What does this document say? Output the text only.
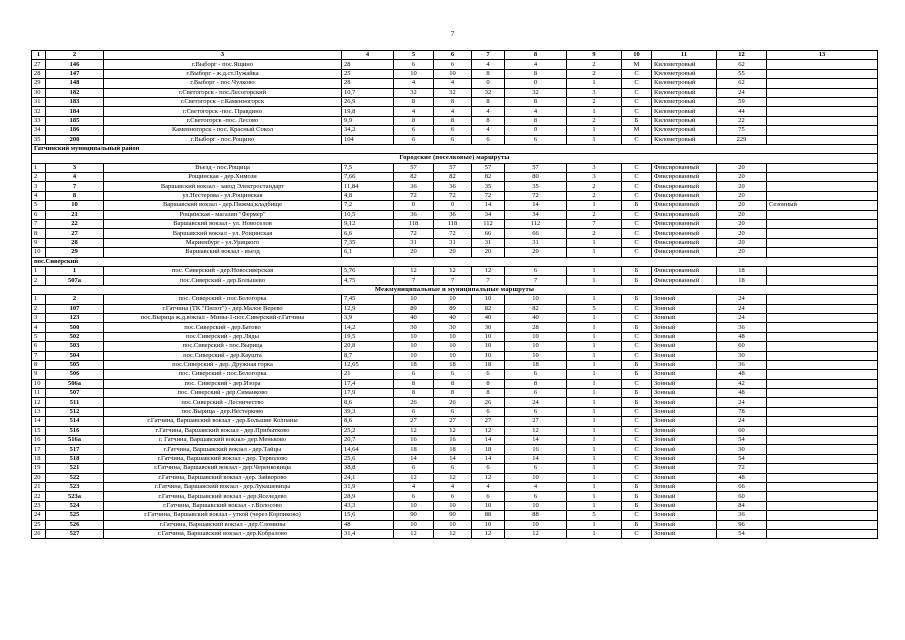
7
1	2	3	4	5	6	7	8	9	10	11	12	13
27	146	г.Выборг - пос.Ящино	28	6	6	4	4	2	М	Километровый	62	
28	147	г.Выборг - ж.д.ст.Лужайка	25	10	10	8	8	2	С	Километровый	55	
29	148	г.Выборг - пос.Чулково	28	4	4	0	0	1	С	Километровый	62	
30	182	г.Светогорск - пос.Лесогорский	10,7	32	32	32	32	3	С	Километровый	24	
31	183	г.Светогорск - г.Каменногорск	26,9	8	8	8	8	2	С	Километровый	59	
32	184	г.Светогорск -пос. Правдино	19,8	4	4	4	4	1	С	Километровый	44	
33	185	г.Светогорск -пос. Лесово	9,9	8	8	8	8	2	Б	Километровый	22	
34	186	Каменногорск - пос. Красный Сокол	34,2	6	6	4	0	1	М	Километровый	75	
35	200	г.Выборг - пос.Рощино	104	6	6	6	6	1	С	Километровый	229	
Гатчинский муниципальный район												
Городские (поселковые) маршруты												
1	3	Въезд - пос.Рощица	7,5	57	57	57	57	3	С	Фиксированный	20	
2	4	Рощинская - дер.Химози	7,66	82	82	82	80	3	С	Фиксированный	20	
3	7	Варшавский вокзал - завод Электростандарт	11,84	36	36	35	35	2	С	Фиксированный	20	
4	8	ул.Нестерова - ул.Рощинская	4,8	72	72	72	72	2	С	Фиксированный	20	
5	10	Варшавский вокзал - дер.Пижма,кладбище	7,2	0	0	14	14	1	Б	Фиксированный	20	Сезонный
6	21	Рощинская - магазин "Фермер"	10,5	36	36	34	34	2	С	Фиксированный	20	
7	22	Варшавский вокзал - ул. Новоселов	9,12	118	118	112	112	7	С	Фиксированный	20	
8	27	Варшавский вокзал - ул. Рощинская	6,6	72	72	66	66	2	С	Фиксированный	20	
9	28	Мариенбург - ул.Урицкого	7,35	31	31	31	31	1	С	Фиксированный	20	
10	29	Варшавский вокзал - въезд	6,1	20	20	20	20	1	С	Фиксированный	20	
пос.Сиверский												
1	1	пос. Сиверский - дер.Новосиверская	5,76	12	12	12	6	1	Б	Фиксированный	18	
2	507а	пос.Сиверский - дер.Большево	4,75	7	7	7	7	1	Б	Фиксированный	18	
Межмуниципальные и муниципальные маршруты												
1	2	пос. Сиверский - пос.Белогорка	7,45	10	10	10	10	1	Б	Зонный	24	
2	107	г.Гатчина (ТК "Пилот") - дер.Малое Верево	12,9	89	89	82	82	5	С	Зонный	24	
3	123	пос.Вырица ж.д.вокзал - Мины-1-пос.Сиверский-г.Гатчина	3,9	40	40	40	40	1	С	Зонный	24	
4	500	пос.Сиверский - дер.Батово	14,2	30	30	30	28	1	Б	Зонный	36	
5	502	пос.Сиверский - дер.Ляды	19,5	10	10	10	10	1	С	Зонный	48	
6	503	пос.Сиверский - пос.Вырица	20,8	10	10	10	10	1	С	Зонный	60	
7	504	пос.Сиверский - дер.Кауштa	8,7	10	10	10	10	1	С	Зонный	30	
8	505	пос.Сиверский - дер. Дружная горка	12,65	18	18	18	18	1	Б	Зонный	36	
9	506	пос. Сиверский - пос.Белогорка	21	6	6	6	6	1	Б	Зонный	48	
10	506а	пос. Сиверский - дер.Изора	17,4	8	8	8	8	1	С	Зонный	42	
11	507	пос. Сиверский - дер.Симанково	17,9	8	8	8	6	1	Б	Зонный	48	
12	511	пос.Сиверский - Лесничество	8,6	26	26	26	24	1	Б	Зонный	24	
13	512	пос.Вырица - дер.Нестерково	39,3	6	6	6	6	1	С	Зонный	78	
14	514	г.Гатчина, Варшавский вокзал - дер.Большие Колпаны	8,6	27	27	27	27	1	С	Зонный	24	
15	516	г.Гатчина, Варшавский вокзал - дер.Прибытково	25,2	12	12	12	12	1	С	Зонный	60	
16	516а	г. Гатчина, Варшавский вокзал- дер.Меньково	20,7	16	16	14	14	1	С	Зонный	54	
17	517	г.Гатчина, Варшавский вокзал - дер.Тайцы	14,64	18	18	18	16	1	С	Зонный	30	
18	518	г.Гатчина, Варшавский вокзал - дер. Терволово	25,6	14	14	14	14	1	С	Зонный	54	
19	521	г.Гатчина, Варшавский вокзал - дер.Черенковицы	38,8	6	6	6	6	1	С	Зонный	72	
20	522	г.Гатчина, Варшавский вокзал -дер. Зайворово	24,1	12	12	12	10	1	С	Зонный	48	
21	523	г.Гатчина, Варшавский вокзал - дер.Лукашевицы	31,9	4	4	4	4	1	Б	Зонный	66	
22	523а	г.Гатчина, Варшавский вокзал - дер.Яселедево	28,9	6	6	6	6	1	Б	Зонный	60	
23	524	г.Гатчина, Варшавский вокзал - г.Волосово	43,3	10	10	10	10	1	Б	Зонный	84	
24	525	г.Гатчина, Варшавский вокзал - уткой (через Корпиково)	15,6	90	90	88	88	5	С	Зонный	36	
25	526	г.Гатчина, Варшавский вокзал - дер.Сломины	48	10	10	10	10	1	Б	Зонный	96	
26	527	г.Гатчина, Варшавский вокзал - дер.Кобралово	31,4	12	12	12	12	1	С	Зонный	54	
